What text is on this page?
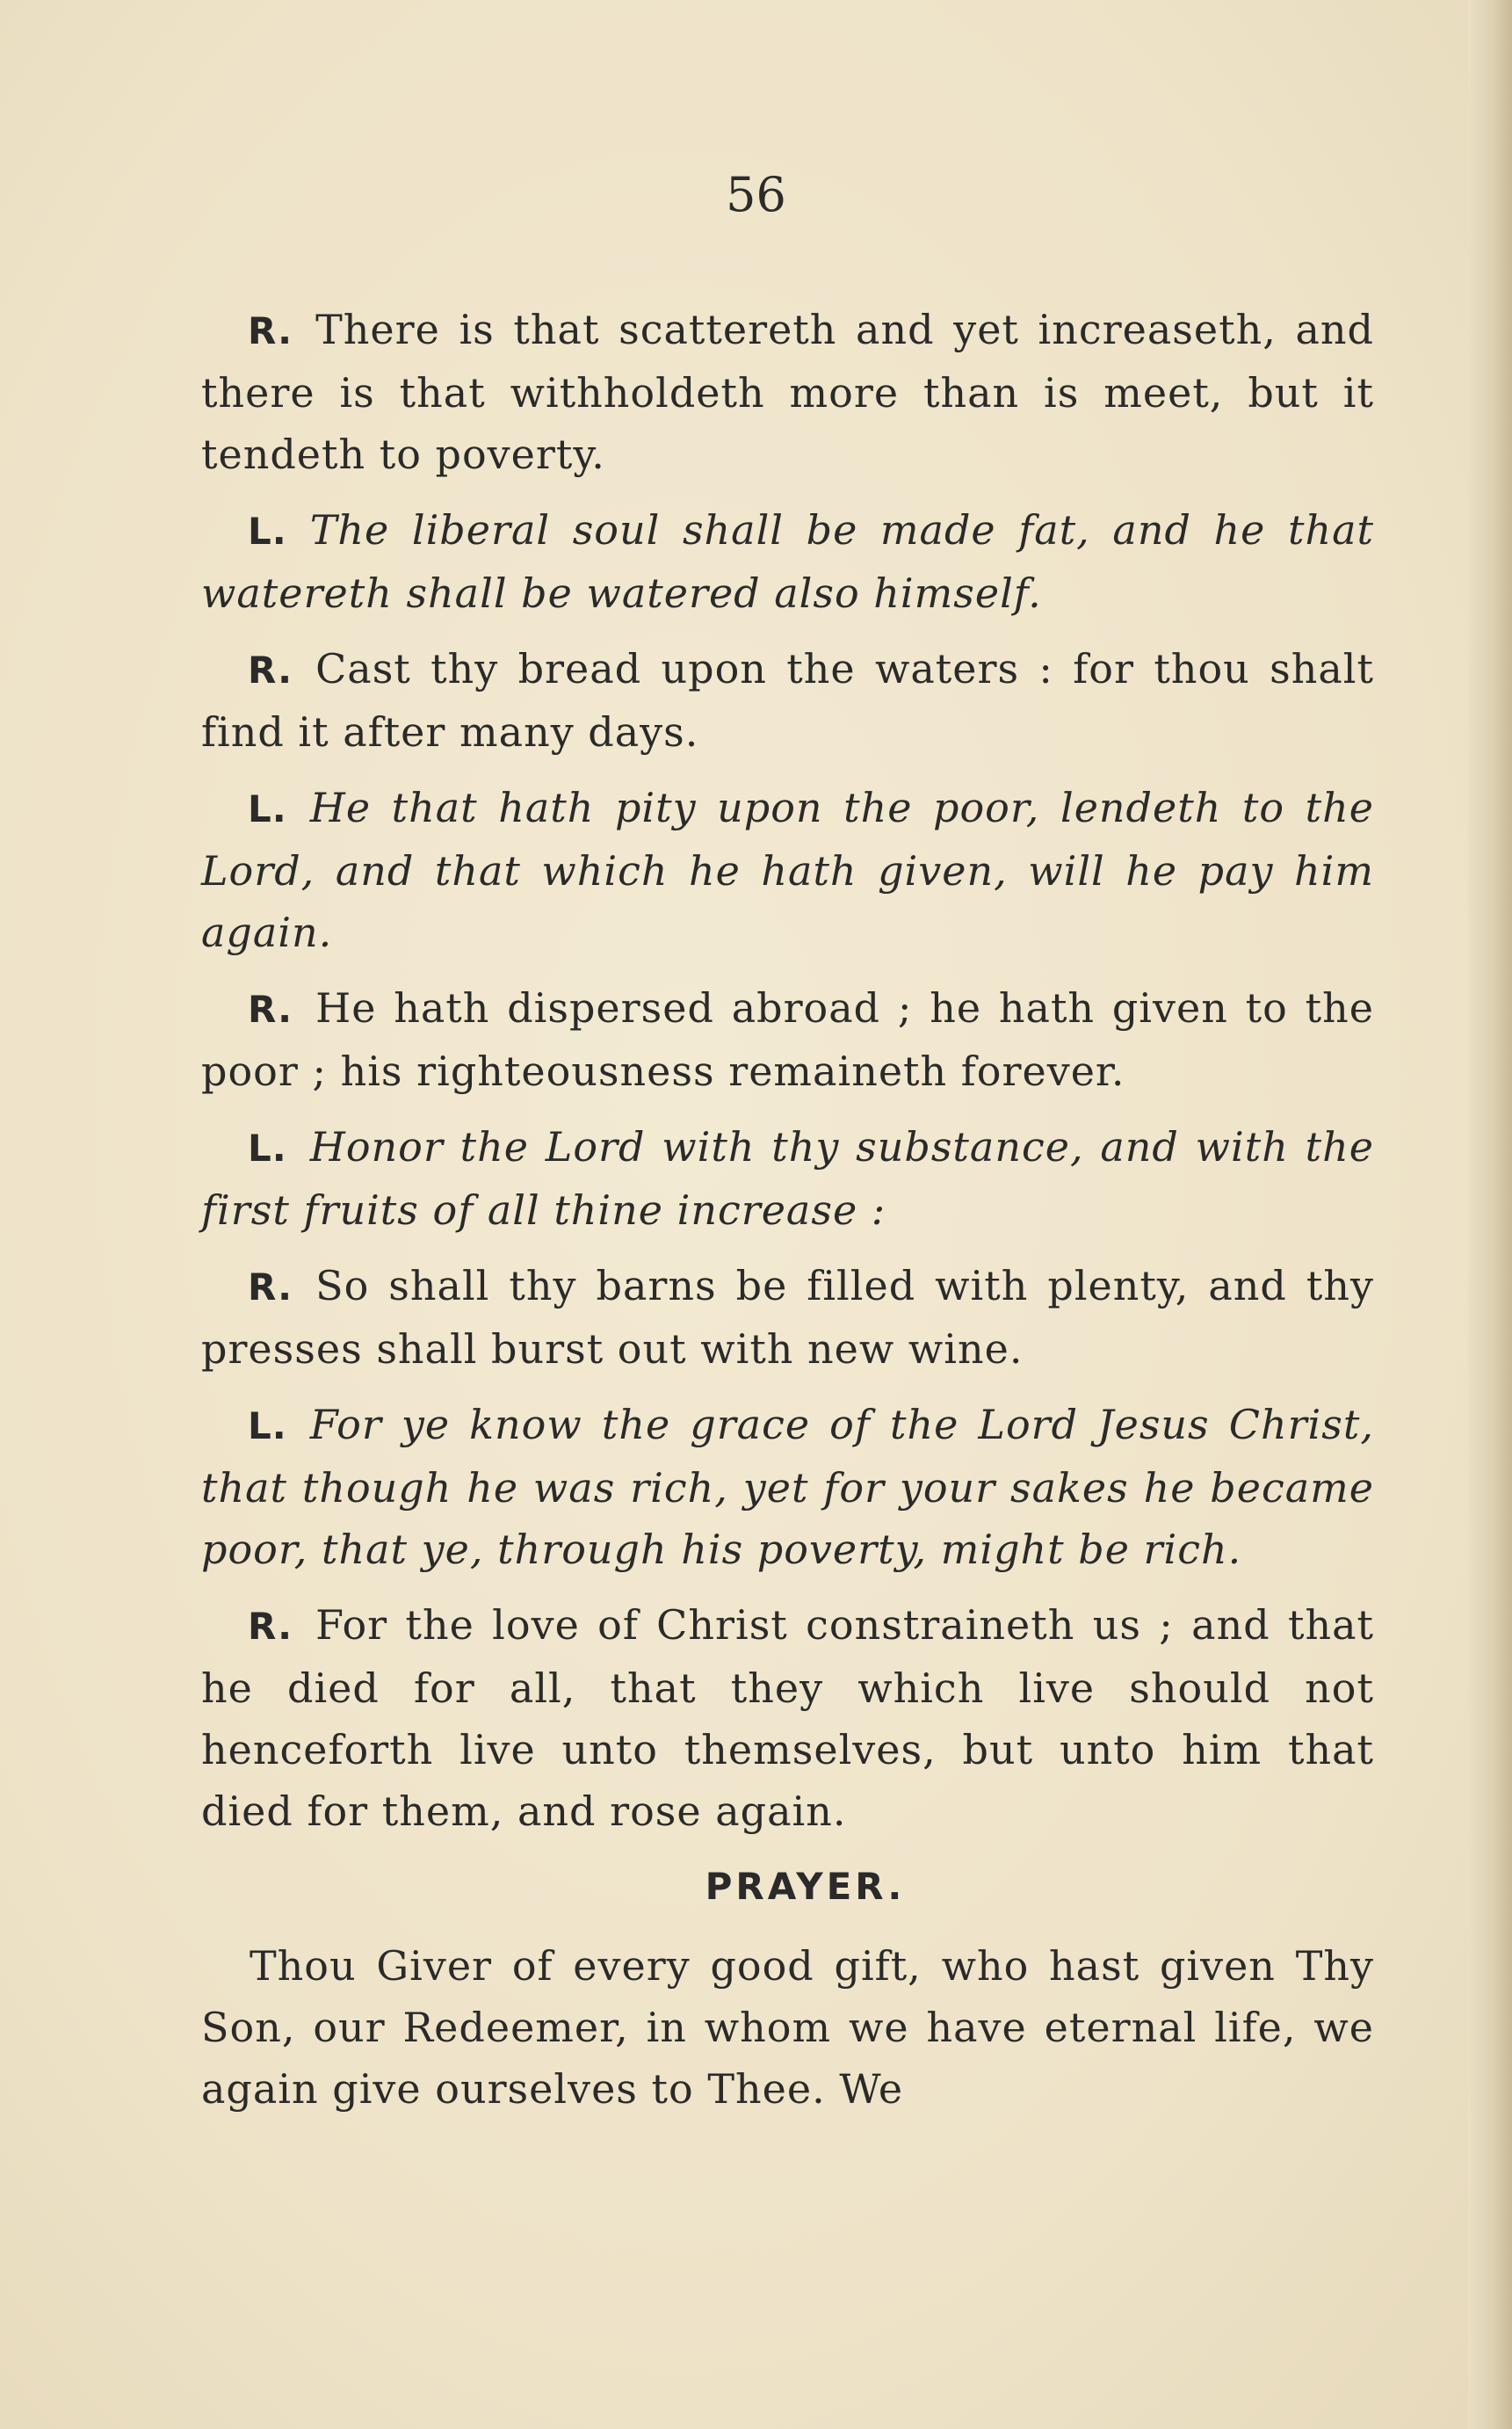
56

R. There is that scattereth and yet increaseth, and there is that withholdeth more than is meet, but it tendeth to poverty.

L. The liberal soul shall be made fat, and he that watereth shall be watered also himself.

R. Cast thy bread upon the waters : for thou shalt find it after many days.

L. He that hath pity upon the poor, lendeth to the Lord, and that which he hath given, will he pay him again.

R. He hath dispersed abroad ; he hath given to the poor ; his righteousness remaineth forever.

L. Honor the Lord with thy substance, and with the first fruits of all thine increase :

R. So shall thy barns be filled with plenty, and thy presses shall burst out with new wine.

L. For ye know the grace of the Lord Jesus Christ, that though he was rich, yet for your sakes he became poor, that ye, through his poverty, might be rich.

R. For the love of Christ constraineth us ; and that he died for all, that they which live should not henceforth live unto themselves, but unto him that died for them, and rose again.

PRAYER.

Thou Giver of every good gift, who hast given Thy Son, our Redeemer, in whom we have eternal life, we again give ourselves to Thee. We
